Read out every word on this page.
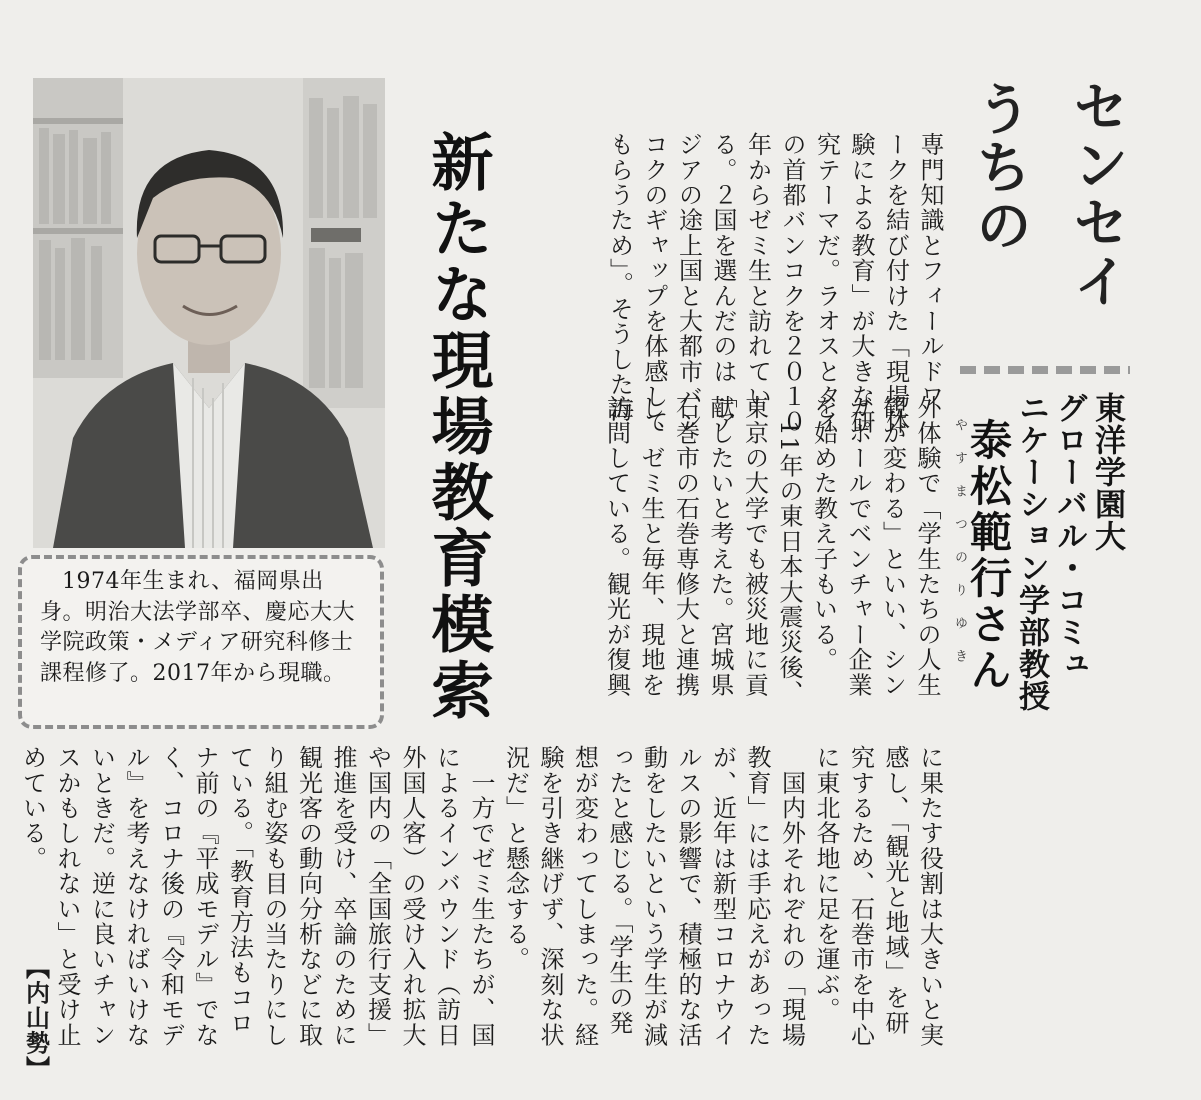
1974年生まれ、福岡県出身。明治大法学部卒、慶応大大学院政策・メディア研究科修士課程修了。2017年から現職。

うちの センセイ
東洋学園大
グローバル・コミュ
ニケーション学部教授
やすまつのりゆき
泰松範行さん
新たな現場教育模索	専門知識とフィールドワ
ークを結び付けた「現場体
験による教育」が大きな研
究テーマだ。ラオスとタイ
の首都バンコクを２０１０
年からゼミ生と訪れてい
る。２国を選んだのは「ア
ジアの途上国と大都市バン
コクのギャップを体感して
もらうため」。そうした海
外体験で「学生たちの人生
観が変わる」といい、シン
ガポールでベンチャー企業
を始めた教え子もいる。
　11年の東日本大震災後、
東京の大学でも被災地に貢
献したいと考えた。宮城県
石巻市の石巻専修大と連携
し、ゼミ生と毎年、現地を
訪問している。観光が復興
に果たす役割は大きいと実
感し、「観光と地域」を研
究するため、石巻市を中心
に東北各地に足を運ぶ。
　国内外それぞれの「現場
教育」には手応えがあった
が、近年は新型コロナウイ
ルスの影響で、積極的な活
動をしたいという学生が減
ったと感じる。「学生の発
想が変わってしまった。経
験を引き継げず、深刻な状
況だ」と懸念する。
　一方でゼミ生たちが、国
によるインバウンド（訪日
外国人客）の受け入れ拡大
や国内の「全国旅行支援」
推進を受け、卒論のために
観光客の動向分析などに取
り組む姿も目の当たりにし
ている。「教育方法もコロ
ナ前の『平成モデル』でな
く、コロナ後の『令和モデ
ル』を考えなければいけな
いときだ。逆に良いチャン
スかもしれない」と受け止
めている。
【内山勢】
